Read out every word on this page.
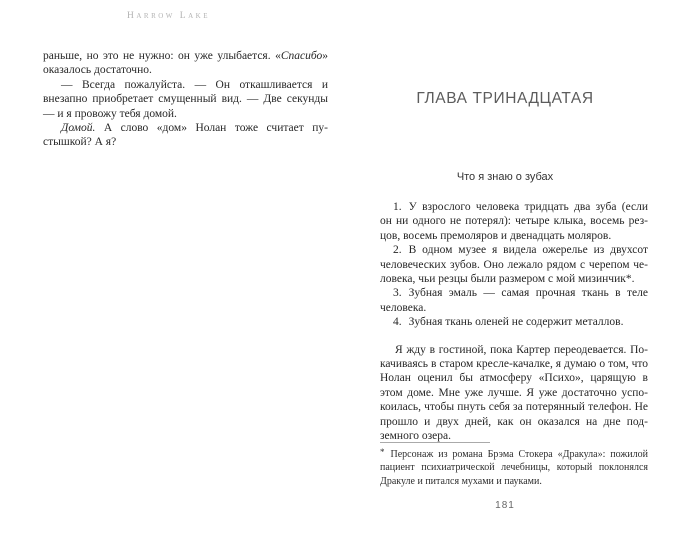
Harrow Lake

раньше, но это не нужно: он уже улыбается. «Спасибо» оказалось достаточно.

— Всегда пожалуйста. — Он откашливается и внезапно приобретает смущенный вид. — Две секунды — и я провожу тебя домой.

Домой. А слово «дом» Нолан тоже считает пустышкой? А я?

ГЛАВА ТРИНАДЦАТАЯ
Что я знаю о зубах

1. У взрослого человека тридцать два зуба (если он ни одного не потерял): четыре клыка, восемь резцов, восемь премоляров и двенадцать моляров.

2. В одном музее я видела ожерелье из двухсот человеческих зубов. Оно лежало рядом с черепом человека, чьи резцы были размером с мой мизинчик*.

3. Зубная эмаль — самая прочная ткань в теле человека.

4. Зубная ткань оленей не содержит металлов.

Я жду в гостиной, пока Картер переодевается. Покачиваясь в старом кресле-качалке, я думаю о том, что Нолан оценил бы атмосферу «Психо», царящую в этом доме. Мне уже лучше. Я уже достаточно успокоилась, чтобы пнуть себя за потерянный телефон. Не прошло и двух дней, как он оказался на дне подземного озера.

* Персонаж из романа Брэма Стокера «Дракула»: пожилой пациент психиатрической лечебницы, который поклонялся Дракуле и питался мухами и пауками.
181
